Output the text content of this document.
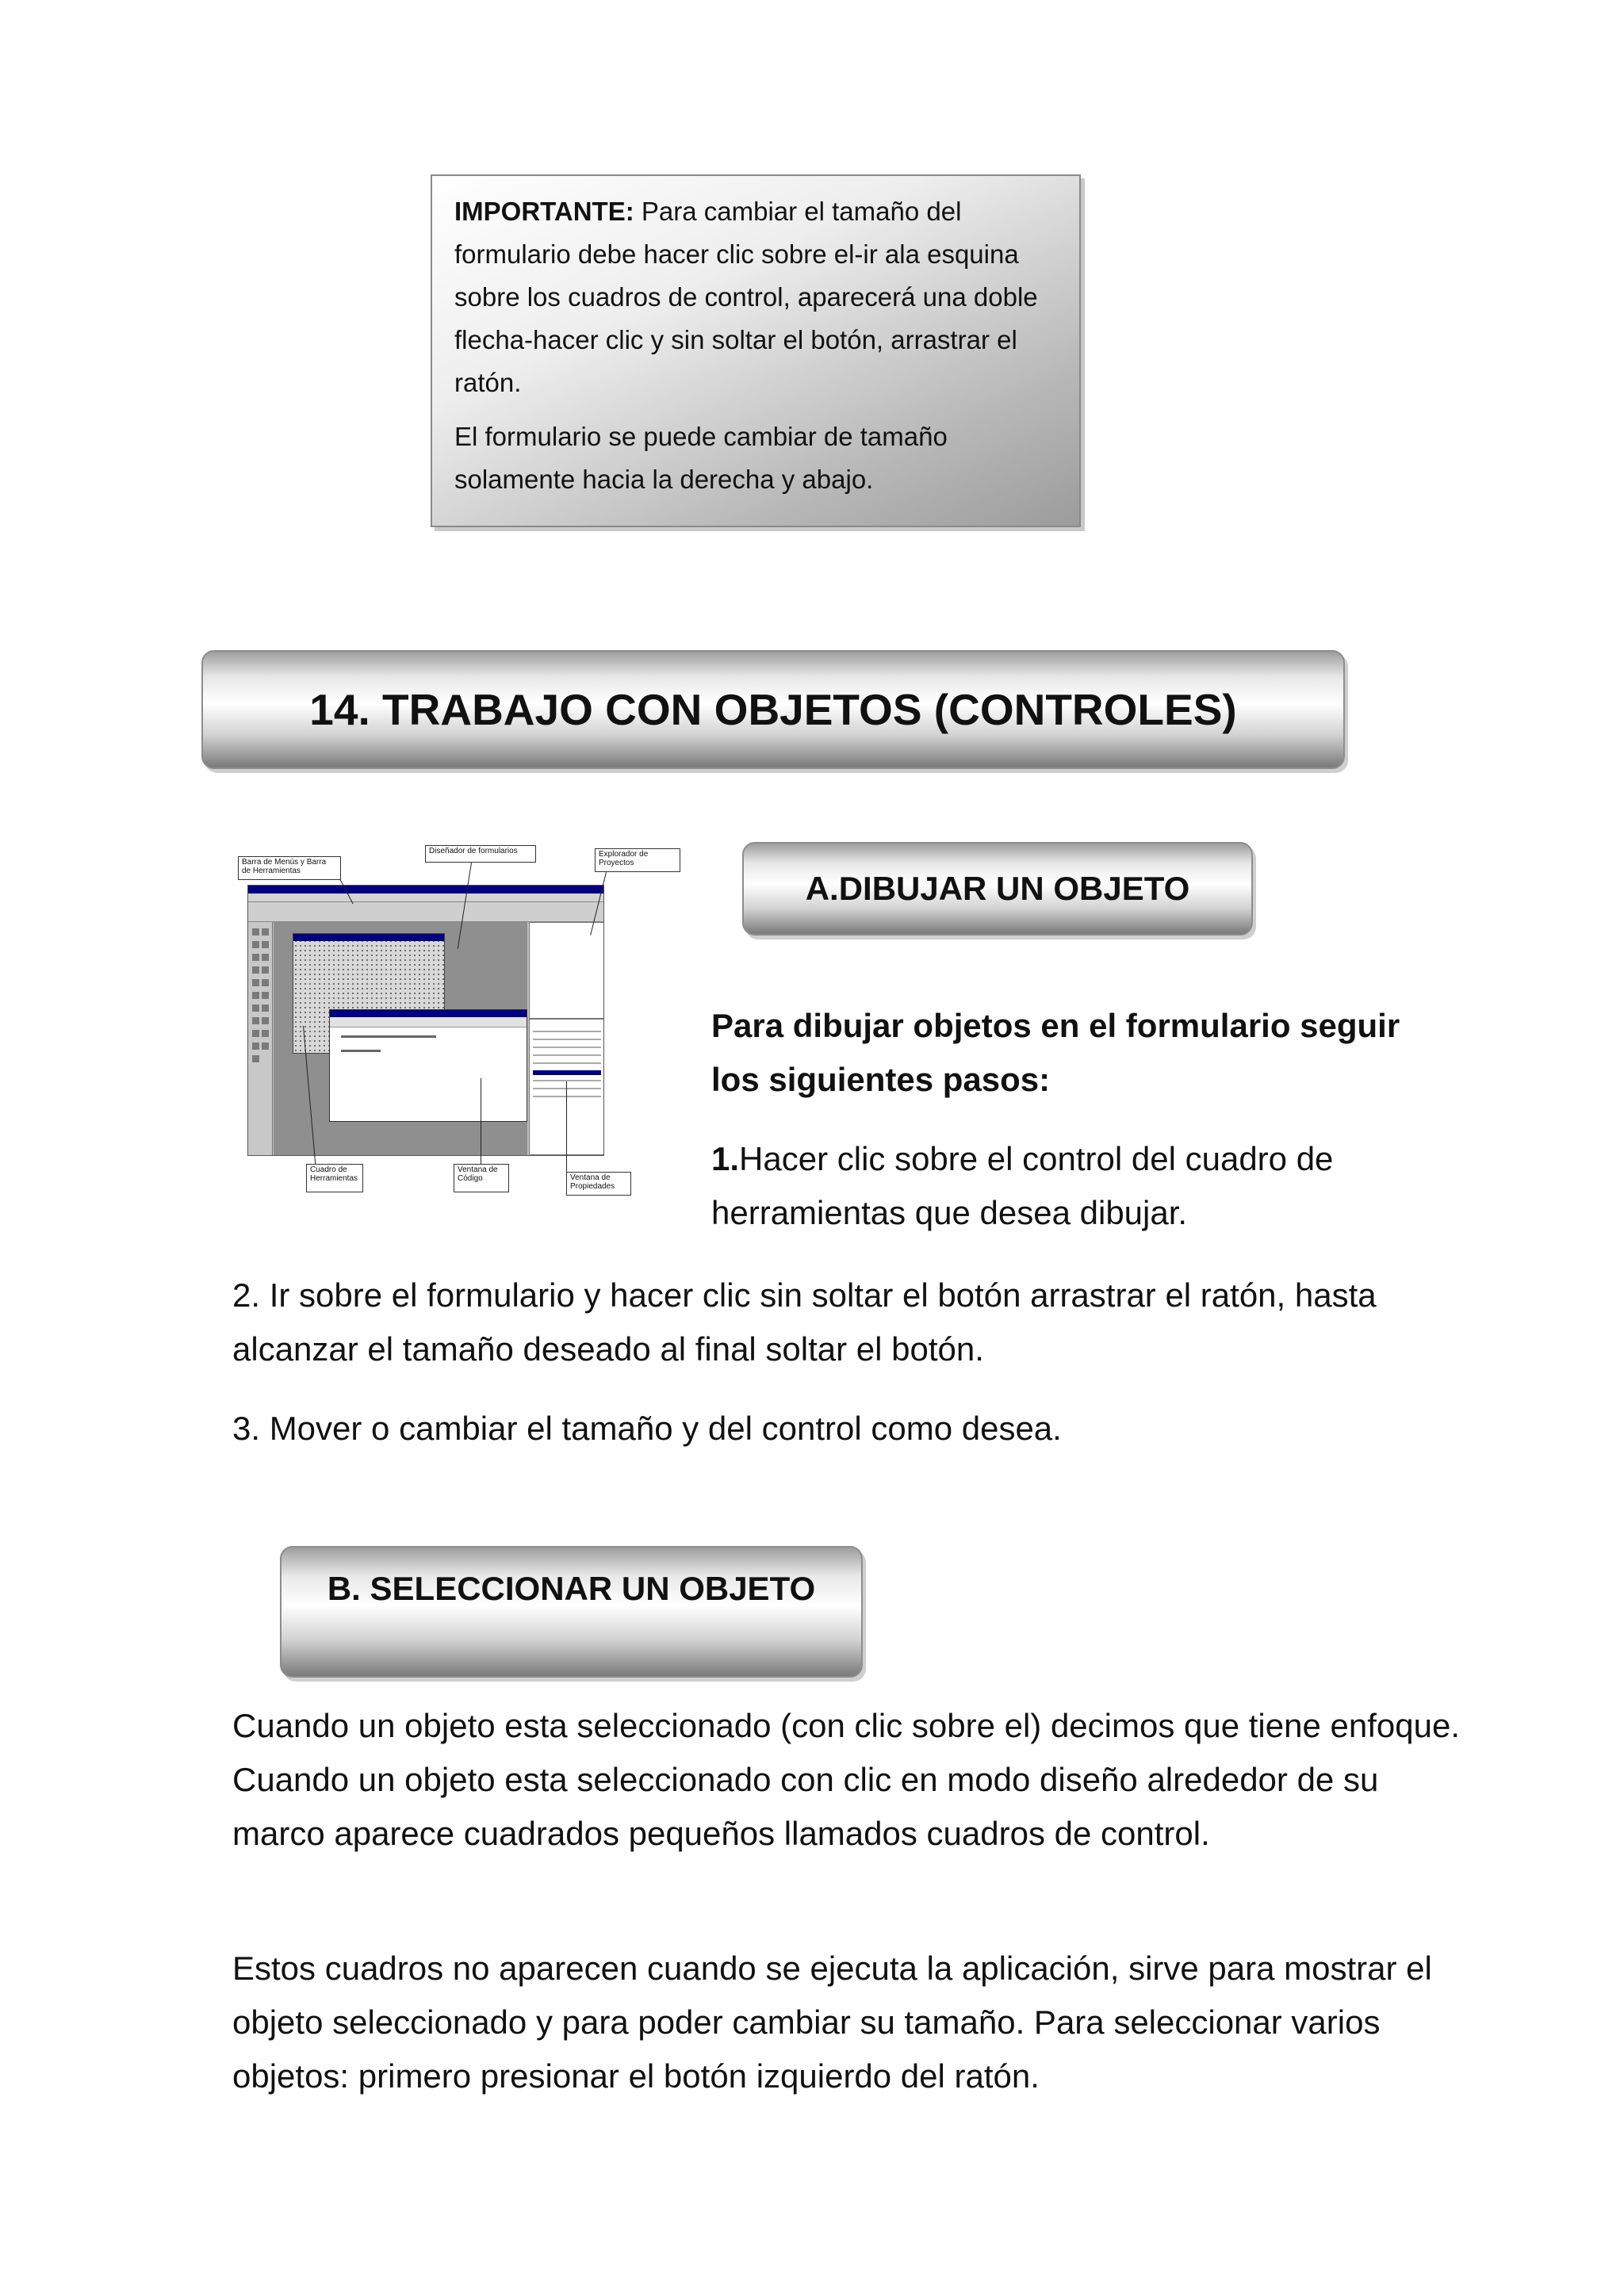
IMPORTANTE: Para cambiar el tamaño del formulario debe hacer clic sobre el-ir ala esquina sobre los cuadros de control, aparecerá una doble flecha-hacer clic y sin soltar el botón, arrastrar el ratón.

El formulario se puede cambiar de tamaño solamente hacia la derecha y abajo.

14. TRABAJO CON OBJETOS (CONTROLES)
Barra de Menús y Barra de Herramientas
Diseñador de formularios	Explorador de Proyectos
Cuadro de Herramientas
Ventana de Código	Ventana de Propiedades
A.DIBUJAR UN OBJETO
Para dibujar objetos en el formulario seguir los siguientes pasos:
1.Hacer clic sobre el control del cuadro de herramientas que desea dibujar.
2. Ir sobre el formulario y hacer clic sin soltar el botón arrastrar el ratón, hasta alcanzar el tamaño deseado al final soltar el botón.
3. Mover o cambiar el tamaño y del control como desea.
B. SELECCIONAR UN OBJETO
Cuando un objeto esta seleccionado (con clic sobre el) decimos que tiene enfoque. Cuando un objeto esta seleccionado con clic en modo diseño alrededor de su marco aparece cuadrados pequeños llamados cuadros de control.
Estos cuadros no aparecen cuando se ejecuta la aplicación, sirve para mostrar el objeto seleccionado y para poder cambiar su tamaño. Para seleccionar varios objetos: primero presionar el botón izquierdo del ratón.
